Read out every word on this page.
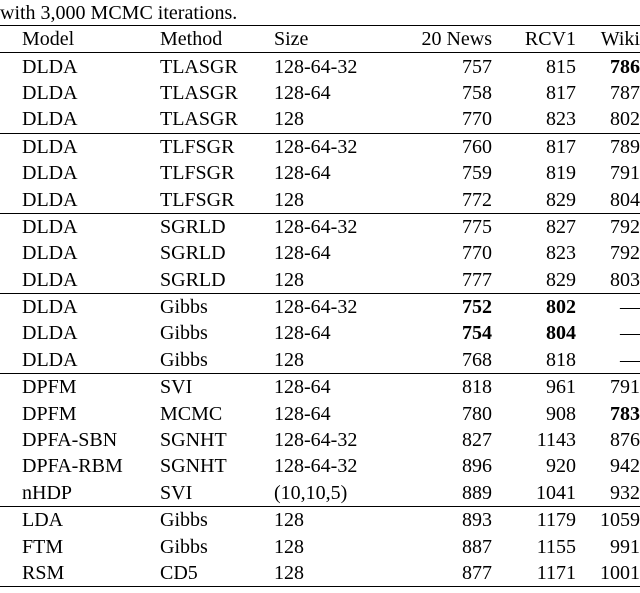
with 3,000 MCMC iterations.
Model	Method	Size	20 News	RCV1	Wiki
DLDA	TLASGR	128-64-32	757	815	786
DLDA	TLASGR	128-64	758	817	787
DLDA	TLASGR	128	770	823	802
DLDA	TLFSGR	128-64-32	760	817	789
DLDA	TLFSGR	128-64	759	819	791
DLDA	TLFSGR	128	772	829	804
DLDA	SGRLD	128-64-32	775	827	792
DLDA	SGRLD	128-64	770	823	792
DLDA	SGRLD	128	777	829	803
DLDA	Gibbs	128-64-32	752	802	—
DLDA	Gibbs	128-64	754	804	—
DLDA	Gibbs	128	768	818	—
DPFM	SVI	128-64	818	961	791
DPFM	MCMC	128-64	780	908	783
DPFA-SBN	SGNHT	128-64-32	827	1143	876
DPFA-RBM	SGNHT	128-64-32	896	920	942
nHDP	SVI	(10,10,5)	889	1041	932
LDA	Gibbs	128	893	1179	1059
FTM	Gibbs	128	887	1155	991
RSM	CD5	128	877	1171	1001
